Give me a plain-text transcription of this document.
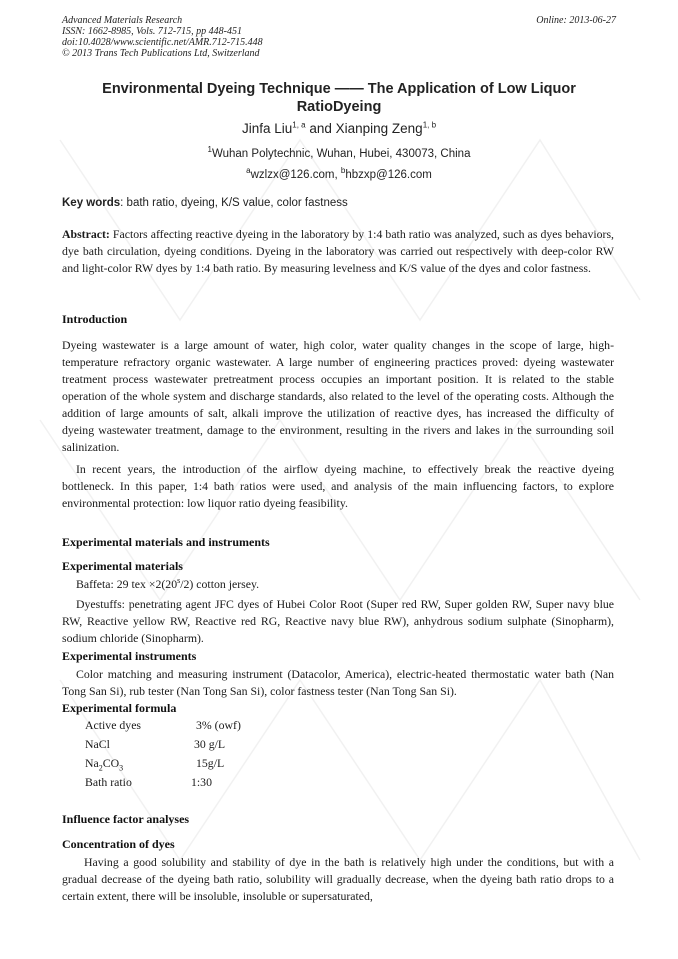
Advanced Materials Research
ISSN: 1662-8985, Vols. 712-715, pp 448-451
doi:10.4028/www.scientific.net/AMR.712-715.448
© 2013 Trans Tech Publications Ltd, Switzerland
Online: 2013-06-27
Environmental Dyeing Technique —— The Application of Low Liquor
RatioDyeing
Jinfa Liu$^{1, a}$ and Xianping Zeng$^{1, b}$
$^1$Wuhan Polytechnic, Wuhan, Hubei, 430073, China
$^a$wzlzx@126.com, $^b$hbzxp@126.com
Key words: bath ratio, dyeing, K/S value, color fastness
Abstract: Factors affecting reactive dyeing in the laboratory by 1:4 bath ratio was analyzed, such as dyes behaviors, dye bath circulation, dyeing conditions. Dyeing in the laboratory was carried out respectively with deep-color RW and light-color RW dyes by 1:4 bath ratio. By measuring levelness and K/S value of the dyes and color fastness.
Introduction
Dyeing wastewater is a large amount of water, high color, water quality changes in the scope of large, high-temperature refractory organic wastewater. A large number of engineering practices proved: dyeing wastewater treatment process wastewater pretreatment process occupies an important position. It is related to the stable operation of the whole system and discharge standards, also related to the level of the operating costs. Although the addition of large amounts of salt, alkali improve the utilization of reactive dyes, has increased the difficulty of dyeing wastewater treatment, damage to the environment, resulting in the rivers and lakes in the surrounding soil salinization.
In recent years, the introduction of the airflow dyeing machine, to effectively break the reactive dyeing bottleneck. In this paper, 1:4 bath ratios were used, and analysis of the main influencing factors, to explore environmental protection: low liquor ratio dyeing feasibility.
Experimental materials and instruments
Experimental materials
Baffeta: 29 tex $\times 2(20^s/2)$ cotton jersey.
Dyestuffs: penetrating agent JFC dyes of Hubei Color Root (Super red RW, Super golden RW, Super navy blue RW, Reactive yellow RW, Reactive red RG, Reactive navy blue RW), anhydrous sodium sulphate (Sinopharm), sodium chloride (Sinopharm).
Experimental instruments
Color matching and measuring instrument (Datacolor, America), electric-heated thermostatic water bath (Nan Tong San Si), rub tester (Nan Tong San Si), color fastness tester (Nan Tong San Si).
Experimental formula
Active dyes	3% (owf)
NaCl	30 g/L
$Na_2CO_3$	15g/L
Bath ratio	1:30
Influence factor analyses
Concentration of dyes
Having a good solubility and stability of dye in the bath is relatively high under the conditions, but with a gradual decrease of the dyeing bath ratio, solubility will gradually decrease, when the dyeing bath ratio drops to a certain extent, there will be insoluble, insoluble or supersaturated,
